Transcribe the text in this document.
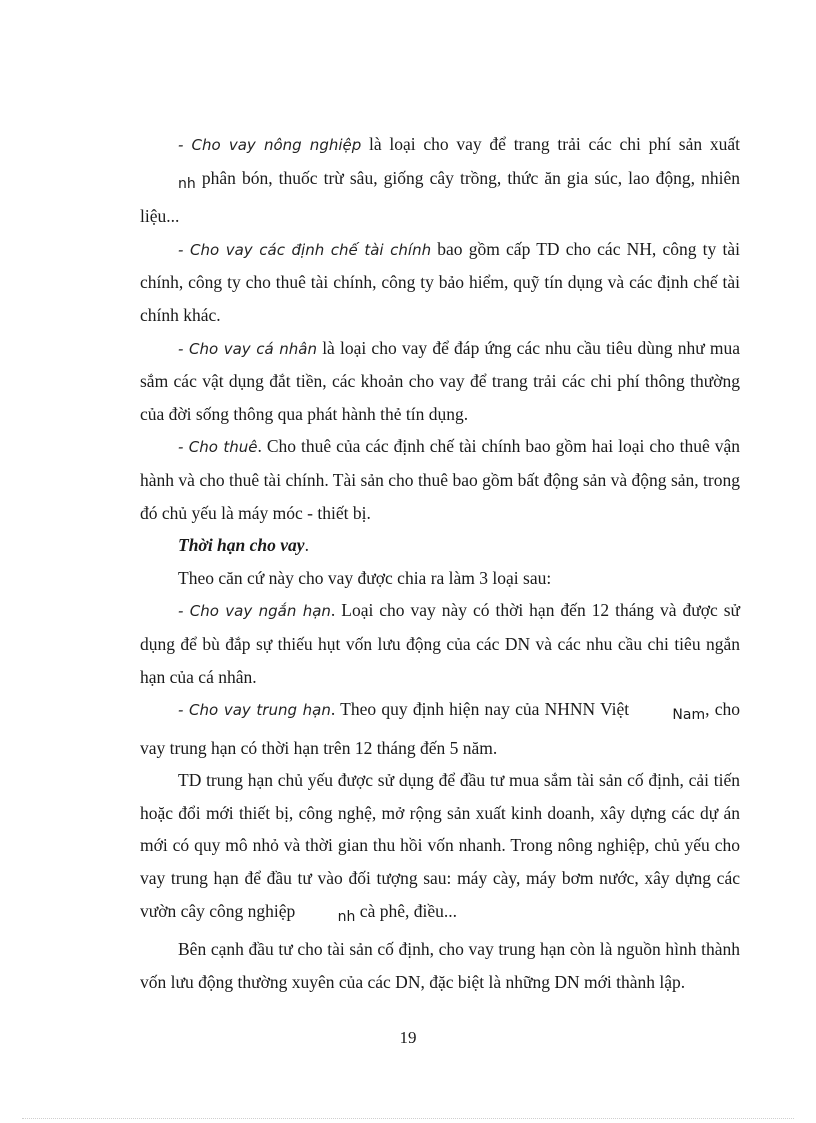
- Cho vay nông nghiệp là loại cho vay để trang trải các chi phí sản xuất nh phân bón, thuốc trừ sâu, giống cây trồng, thức ăn gia súc, lao động, nhiên liệu...

- Cho vay các định chế tài chính bao gồm cấp TD cho các NH, công ty tài chính, công ty cho thuê tài chính, công ty bảo hiểm, quỹ tín dụng và các định chế tài chính khác.

- Cho vay cá nhân là loại cho vay để đáp ứng các nhu cầu tiêu dùng như mua sắm các vật dụng đắt tiền, các khoản cho vay để trang trải các chi phí thông thường của đời sống thông qua phát hành thẻ tín dụng.

- Cho thuê. Cho thuê của các định chế tài chính bao gồm hai loại cho thuê vận hành và cho thuê tài chính. Tài sản cho thuê bao gồm bất động sản và động sản, trong đó chủ yếu là máy móc - thiết bị.

Thời hạn cho vay.

Theo căn cứ này cho vay được chia ra làm 3 loại sau:

- Cho vay ngắn hạn. Loại cho vay này có thời hạn đến 12 tháng và được sử dụng để bù đắp sự thiếu hụt vốn lưu động của các DN và các nhu cầu chi tiêu ngắn hạn của cá nhân.

- Cho vay trung hạn. Theo quy định hiện nay của NHNN Việt	Nam, cho vay trung hạn có thời hạn trên 12 tháng đến 5 năm.

TD trung hạn chủ yếu được sử dụng để đầu tư mua sắm tài sản cố định, cải tiến hoặc đổi mới thiết bị, công nghệ, mở rộng sản xuất kinh doanh, xây dựng các dự án mới có quy mô nhỏ và thời gian thu hồi vốn nhanh. Trong nông nghiệp, chủ yếu cho vay trung hạn để đầu tư vào đối tượng sau: máy cày, máy bơm nước, xây dựng các vườn cây công nghiệp	nh cà phê, điều...

Bên cạnh đầu tư cho tài sản cố định, cho vay trung hạn còn là nguồn hình thành vốn lưu động thường xuyên của các DN, đặc biệt là những DN mới thành lập.

19
